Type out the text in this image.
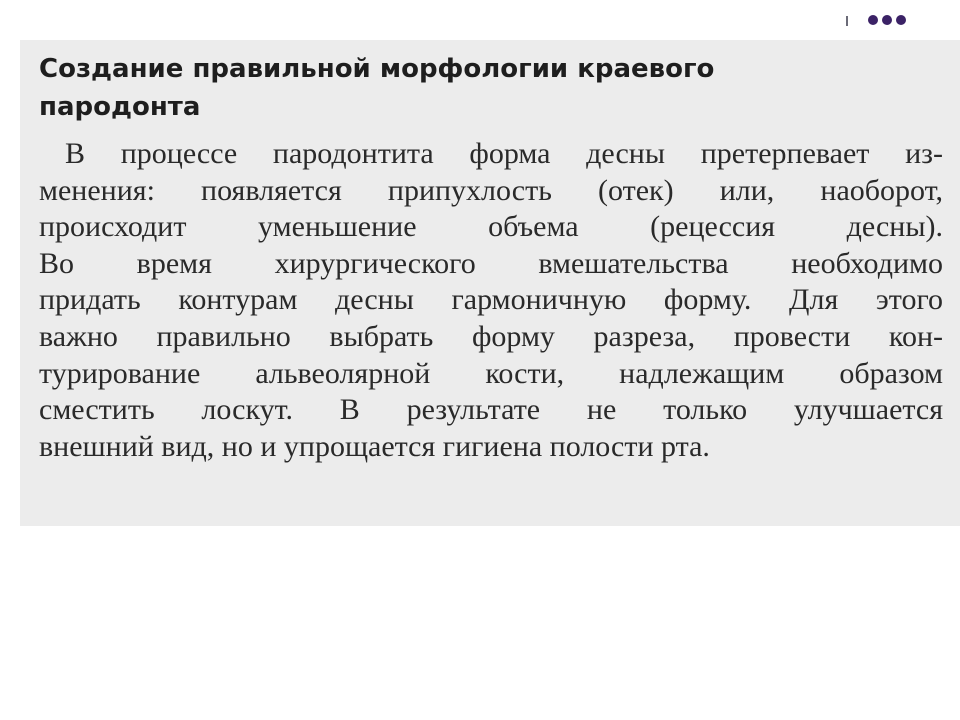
Создание правильной морфологии краевого
пародонта

В процессе пародонтита форма десны претерпевает из-
менения: появляется припухлость (отек) или, наоборот,
происходит уменьшение объема (рецессия десны).
Во время хирургического вмешательства необходимо
придать контурам десны гармоничную форму. Для этого
важно правильно выбрать форму разреза, провести кон-
турирование альвеолярной кости, надлежащим образом
сместить лоскут. В результате не только улучшается
внешний вид, но и упрощается гигиена полости рта.
